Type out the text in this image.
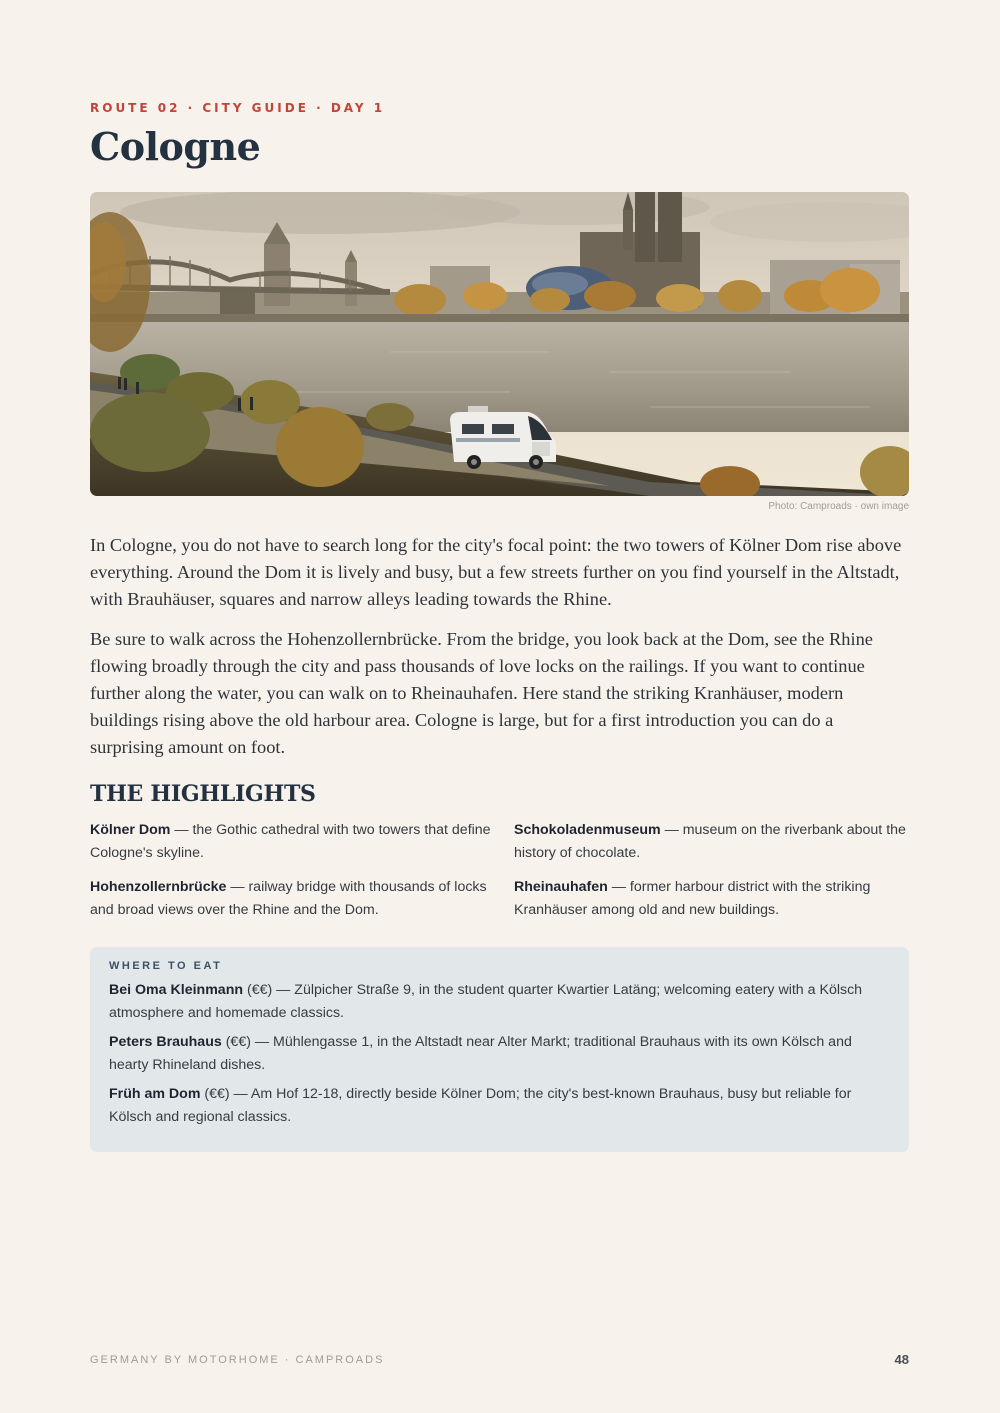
ROUTE 02 · CITY GUIDE · DAY 1
Cologne
Photo: Camproads · own image

In Cologne, you do not have to search long for the city's focal point: the two towers of Kölner Dom rise above everything. Around the Dom it is lively and busy, but a few streets further on you find yourself in the Altstadt, with Brauhäuser, squares and narrow alleys leading towards the Rhine.

Be sure to walk across the Hohenzollernbrücke. From the bridge, you look back at the Dom, see the Rhine flowing broadly through the city and pass thousands of love locks on the railings. If you want to continue further along the water, you can walk on to Rheinauhafen. Here stand the striking Kranhäuser, modern buildings rising above the old harbour area. Cologne is large, but for a first introduction you can do a surprising amount on foot.

THE HIGHLIGHTS
Kölner Dom — the Gothic cathedral with two towers that define Cologne's skyline.
Schokoladenmuseum — museum on the riverbank about the history of chocolate.
Hohenzollernbrücke — railway bridge with thousands of locks and broad views over the Rhine and the Dom.
Rheinauhafen — former harbour district with the striking Kranhäuser among old and new buildings.
WHERE TO EAT
Bei Oma Kleinmann (€€) — Zülpicher Straße 9, in the student quarter Kwartier Latäng; welcoming eatery with a Kölsch atmosphere and homemade classics.
Peters Brauhaus (€€) — Mühlengasse 1, in the Altstadt near Alter Markt; traditional Brauhaus with its own Kölsch and hearty Rhineland dishes.
Früh am Dom (€€) — Am Hof 12-18, directly beside Kölner Dom; the city's best-known Brauhaus, busy but reliable for Kölsch and regional classics.
GERMANY BY MOTORHOME · CAMPROADS	48
